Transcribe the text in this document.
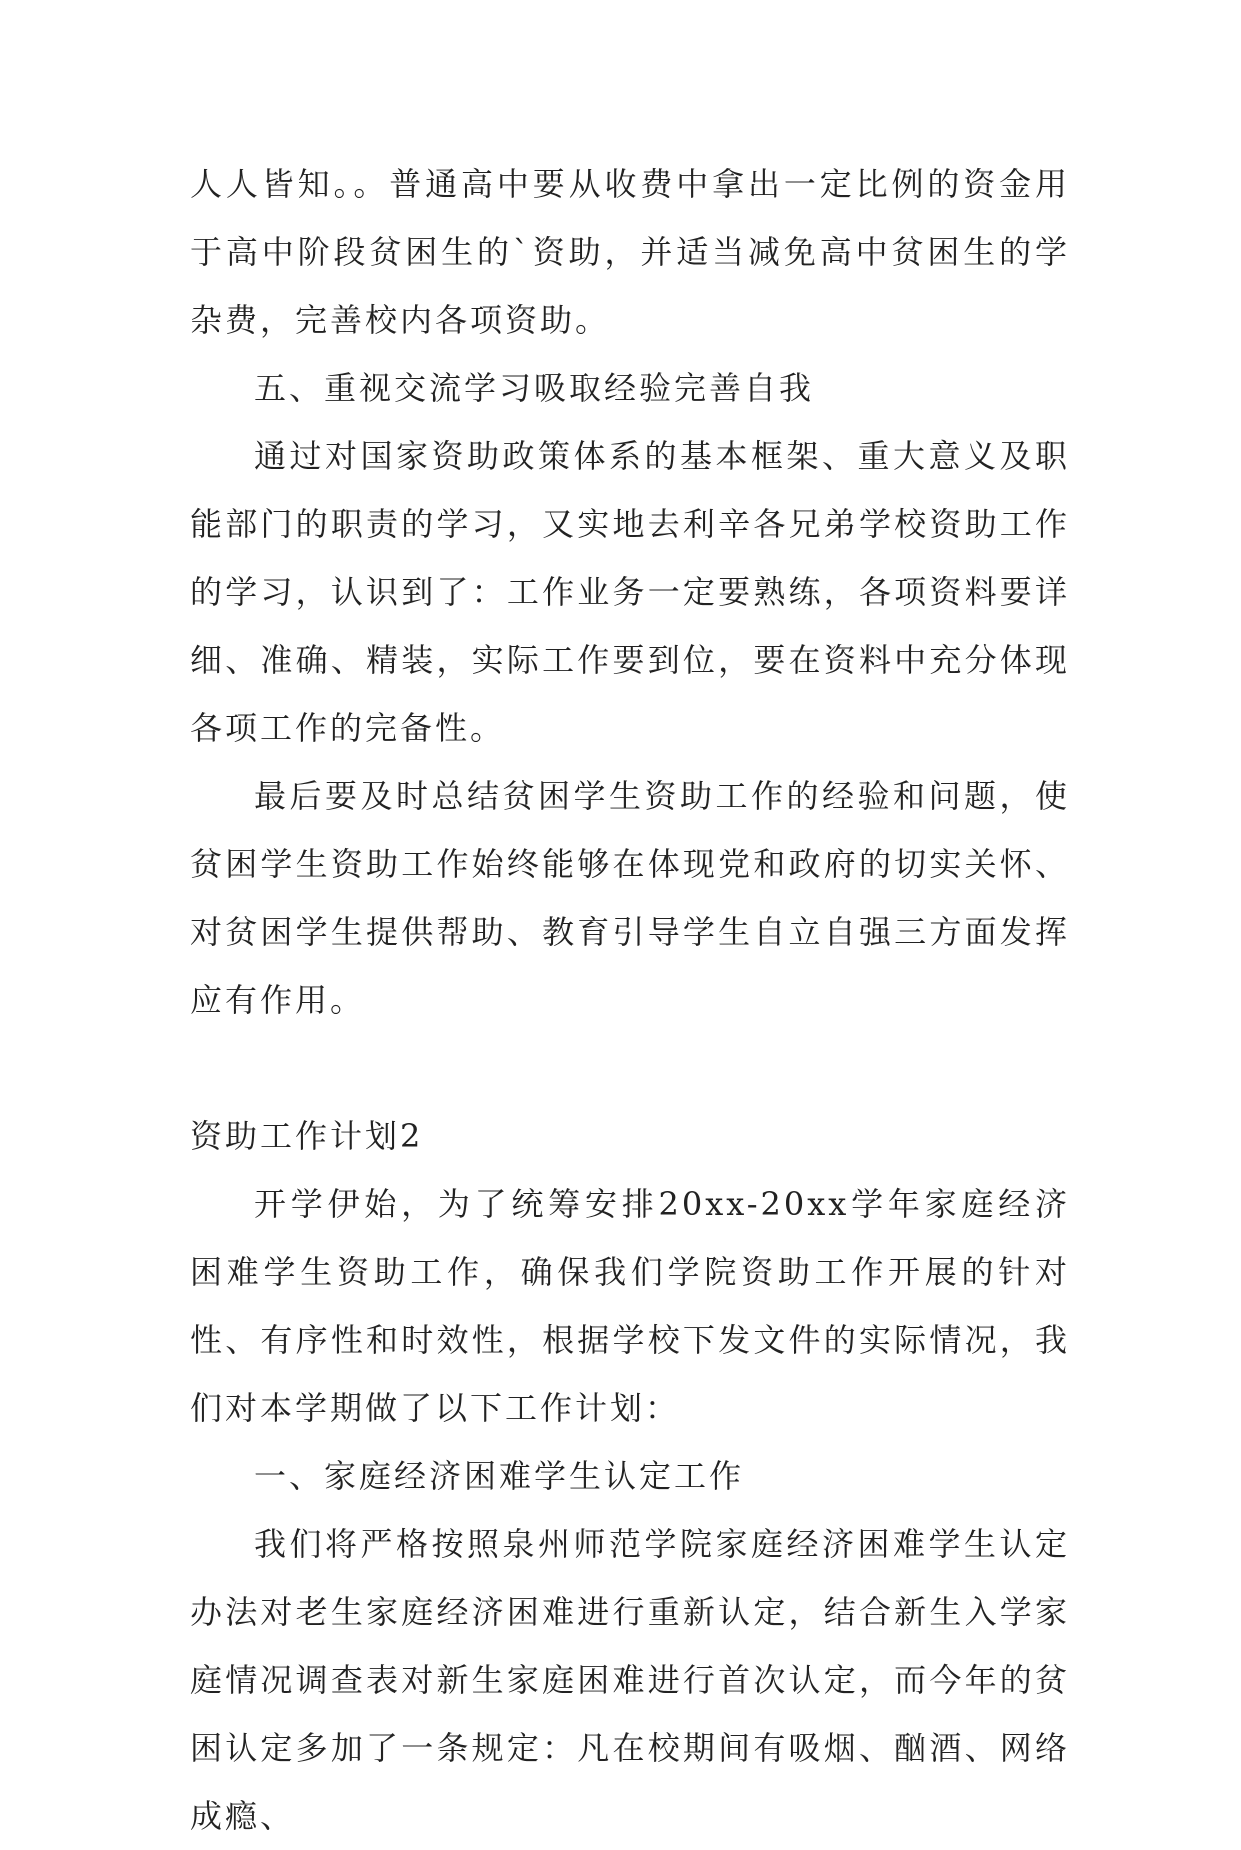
人人皆知。。普通高中要从收费中拿出一定比例的资金用于高中阶段贫困生的`资助，并适当减免高中贫困生的学杂费，完善校内各项资助。

五、重视交流学习吸取经验完善自我

通过对国家资助政策体系的基本框架、重大意义及职能部门的职责的学习，又实地去利辛各兄弟学校资助工作的学习，认识到了：工作业务一定要熟练，各项资料要详细、准确、精装，实际工作要到位，要在资料中充分体现各项工作的完备性。

最后要及时总结贫困学生资助工作的经验和问题，使贫困学生资助工作始终能够在体现党和政府的切实关怀、对贫困学生提供帮助、教育引导学生自立自强三方面发挥应有作用。

资助工作计划2

开学伊始，为了统筹安排20xx-20xx学年家庭经济困难学生资助工作，确保我们学院资助工作开展的针对性、有序性和时效性，根据学校下发文件的实际情况，我们对本学期做了以下工作计划：

一、家庭经济困难学生认定工作

我们将严格按照泉州师范学院家庭经济困难学生认定办法对老生家庭经济困难进行重新认定，结合新生入学家庭情况调查表对新生家庭困难进行首次认定，而今年的贫困认定多加了一条规定：凡在校期间有吸烟、酗酒、网络成瘾、
